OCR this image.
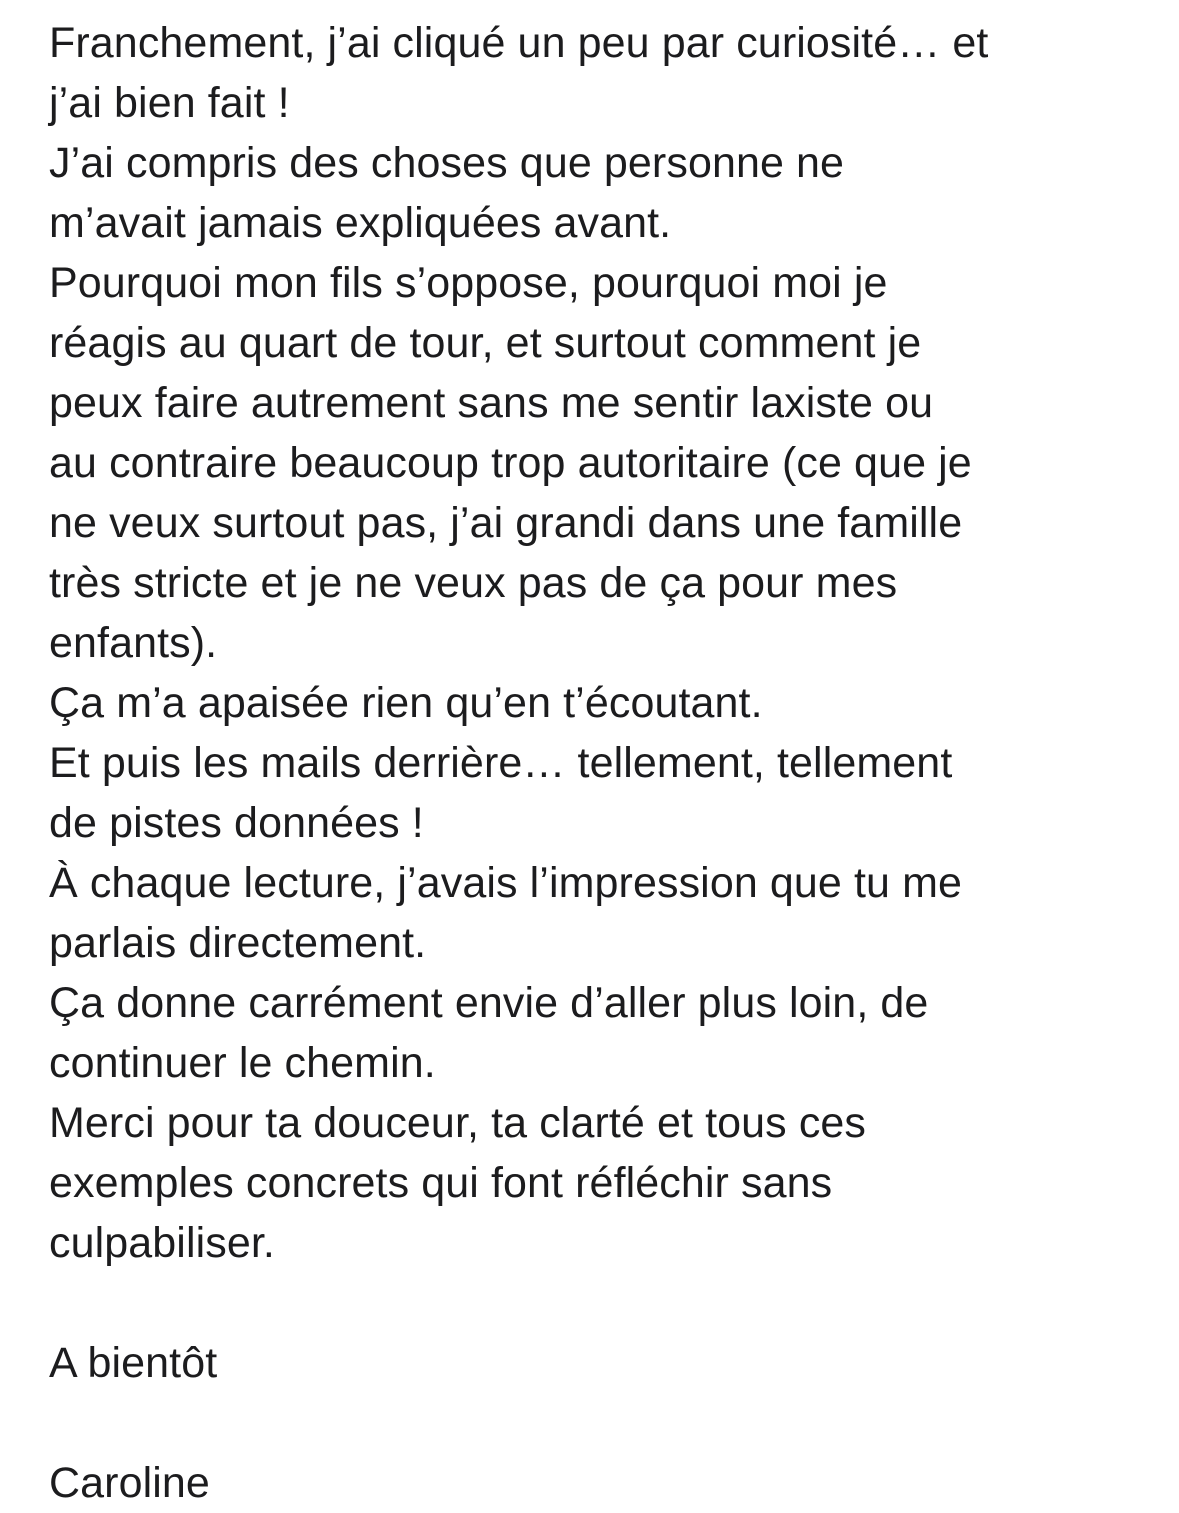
Franchement, j’ai cliqué un peu par curiosité… et
j’ai bien fait !
J’ai compris des choses que personne ne
m’avait jamais expliquées avant.
Pourquoi mon fils s’oppose, pourquoi moi je
réagis au quart de tour, et surtout comment je
peux faire autrement sans me sentir laxiste ou
au contraire beaucoup trop autoritaire (ce que je
ne veux surtout pas, j’ai grandi dans une famille
très stricte et je ne veux pas de ça pour mes
enfants).
Ça m’a apaisée rien qu’en t’écoutant.
Et puis les mails derrière… tellement, tellement
de pistes données !
À chaque lecture, j’avais l’impression que tu me
parlais directement.
Ça donne carrément envie d’aller plus loin, de
continuer le chemin.
Merci pour ta douceur, ta clarté et tous ces
exemples concrets qui font réfléchir sans
culpabiliser.
A bientôt
Caroline
